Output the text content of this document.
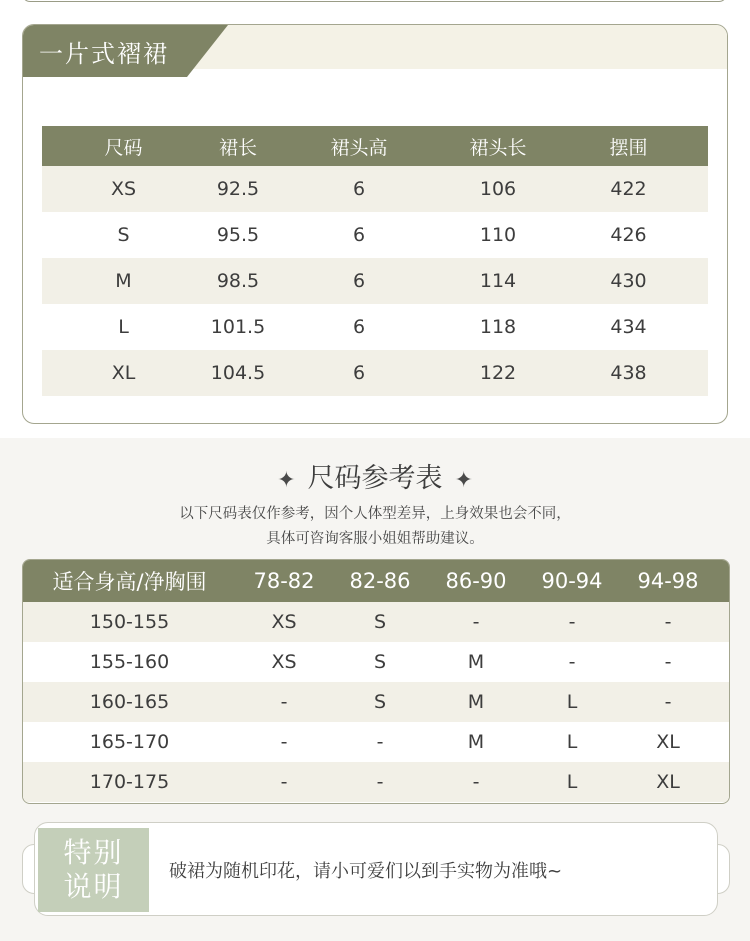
一片式褶裙
尺码	裙长	裙头高	裙头长	摆围
XS	92.5	6	106	422
S	95.5	6	110	426
M	98.5	6	114	430
L	101.5	6	118	434
XL	104.5	6	122	438
✦ 尺码参考表 ✦
以下尺码表仅作参考，因个人体型差异，上身效果也会不同，
具体可咨询客服小姐姐帮助建议。
适合身高/净胸围	78-82	82-86	86-90	90-94	94-98
150-155	XS	S	-	-	-
155-160	XS	S	M	-	-
160-165	-	S	M	L	-
165-170	-	-	M	L	XL
170-175	-	-	-	L	XL
特别
说明	破裙为随机印花，请小可爱们以到手实物为准哦~
